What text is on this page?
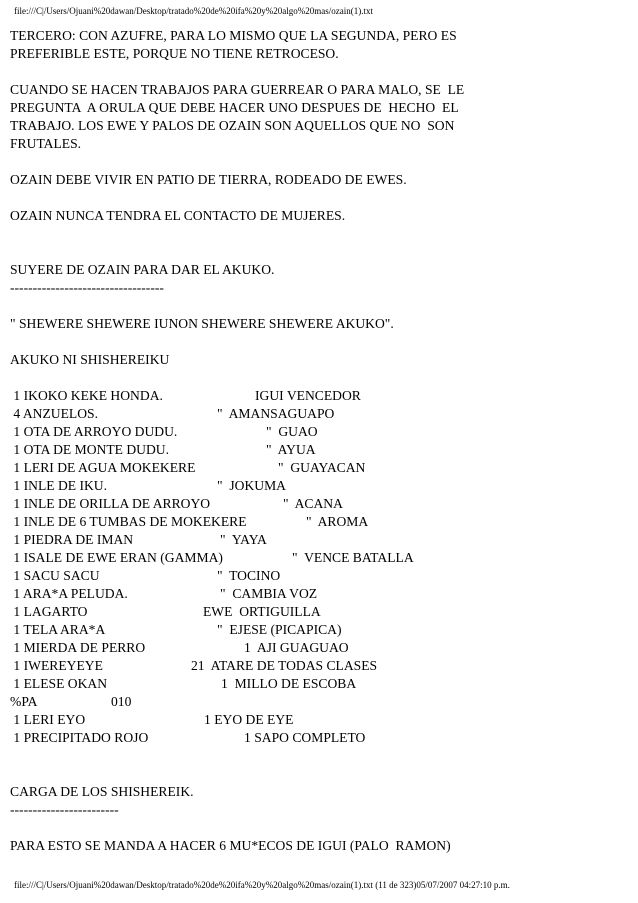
file:///C|/Users/Ojuani%20dawan/Desktop/tratado%20de%20ifa%20y%20algo%20mas/ozain(1).txt

TERCERO: CON AZUFRE, PARA LO MISMO QUE LA SEGUNDA, PERO ES

PREFERIBLE ESTE, PORQUE NO TIENE RETROCESO.

CUANDO SE HACEN TRABAJOS PARA GUERREAR O PARA MALO, SE  LE

PREGUNTA  A ORULA QUE DEBE HACER UNO DESPUES DE  HECHO  EL

TRABAJO. LOS EWE Y PALOS DE OZAIN SON AQUELLOS QUE NO  SON

FRUTALES.

OZAIN DEBE VIVIR EN PATIO DE TIERRA, RODEADO DE EWES.

OZAIN NUNCA TENDRA EL CONTACTO DE MUJERES.

SUYERE DE OZAIN PARA DAR EL AKUKO.

----------------------------------

" SHEWERE SHEWERE IUNON SHEWERE SHEWERE AKUKO".

AKUKO NI SHISHEREIKU

1 IKOKO KEKE HONDA.	IGUI VENCEDOR
4 ANZUELOS.	"  AMANSAGUAPO
1 OTA DE ARROYO DUDU.	"  GUAO
1 OTA DE MONTE DUDU.	"  AYUA
1 LERI DE AGUA MOKEKERE	"  GUAYACAN
1 INLE DE IKU.	"  JOKUMA
1 INLE DE ORILLA DE ARROYO	"  ACANA
1 INLE DE 6 TUMBAS DE MOKEKERE	"  AROMA
1 PIEDRA DE IMAN	"  YAYA
1 ISALE DE EWE ERAN (GAMMA)	"  VENCE BATALLA
1 SACU SACU	"  TOCINO
1 ARA*A PELUDA.	"  CAMBIA VOZ
1 LAGARTO	EWE  ORTIGUILLA
1 TELA ARA*A	"  EJESE (PICAPICA)
1 MIERDA DE PERRO	1  AJI GUAGUAO
1 IWEREYEYE	21  ATARE DE TODAS CLASES
1 ELESE OKAN	1  MILLO DE ESCOBA
%PA	010
1 LERI EYO	1 EYO DE EYE
1 PRECIPITADO ROJO	1 SAPO COMPLETO

CARGA DE LOS SHISHEREIK.

------------------------

PARA ESTO SE MANDA A HACER 6 MU*ECOS DE IGUI (PALO  RAMON)

file:///C|/Users/Ojuani%20dawan/Desktop/tratado%20de%20ifa%20y%20algo%20mas/ozain(1).txt (11 de 323)05/07/2007 04:27:10 p.m.
